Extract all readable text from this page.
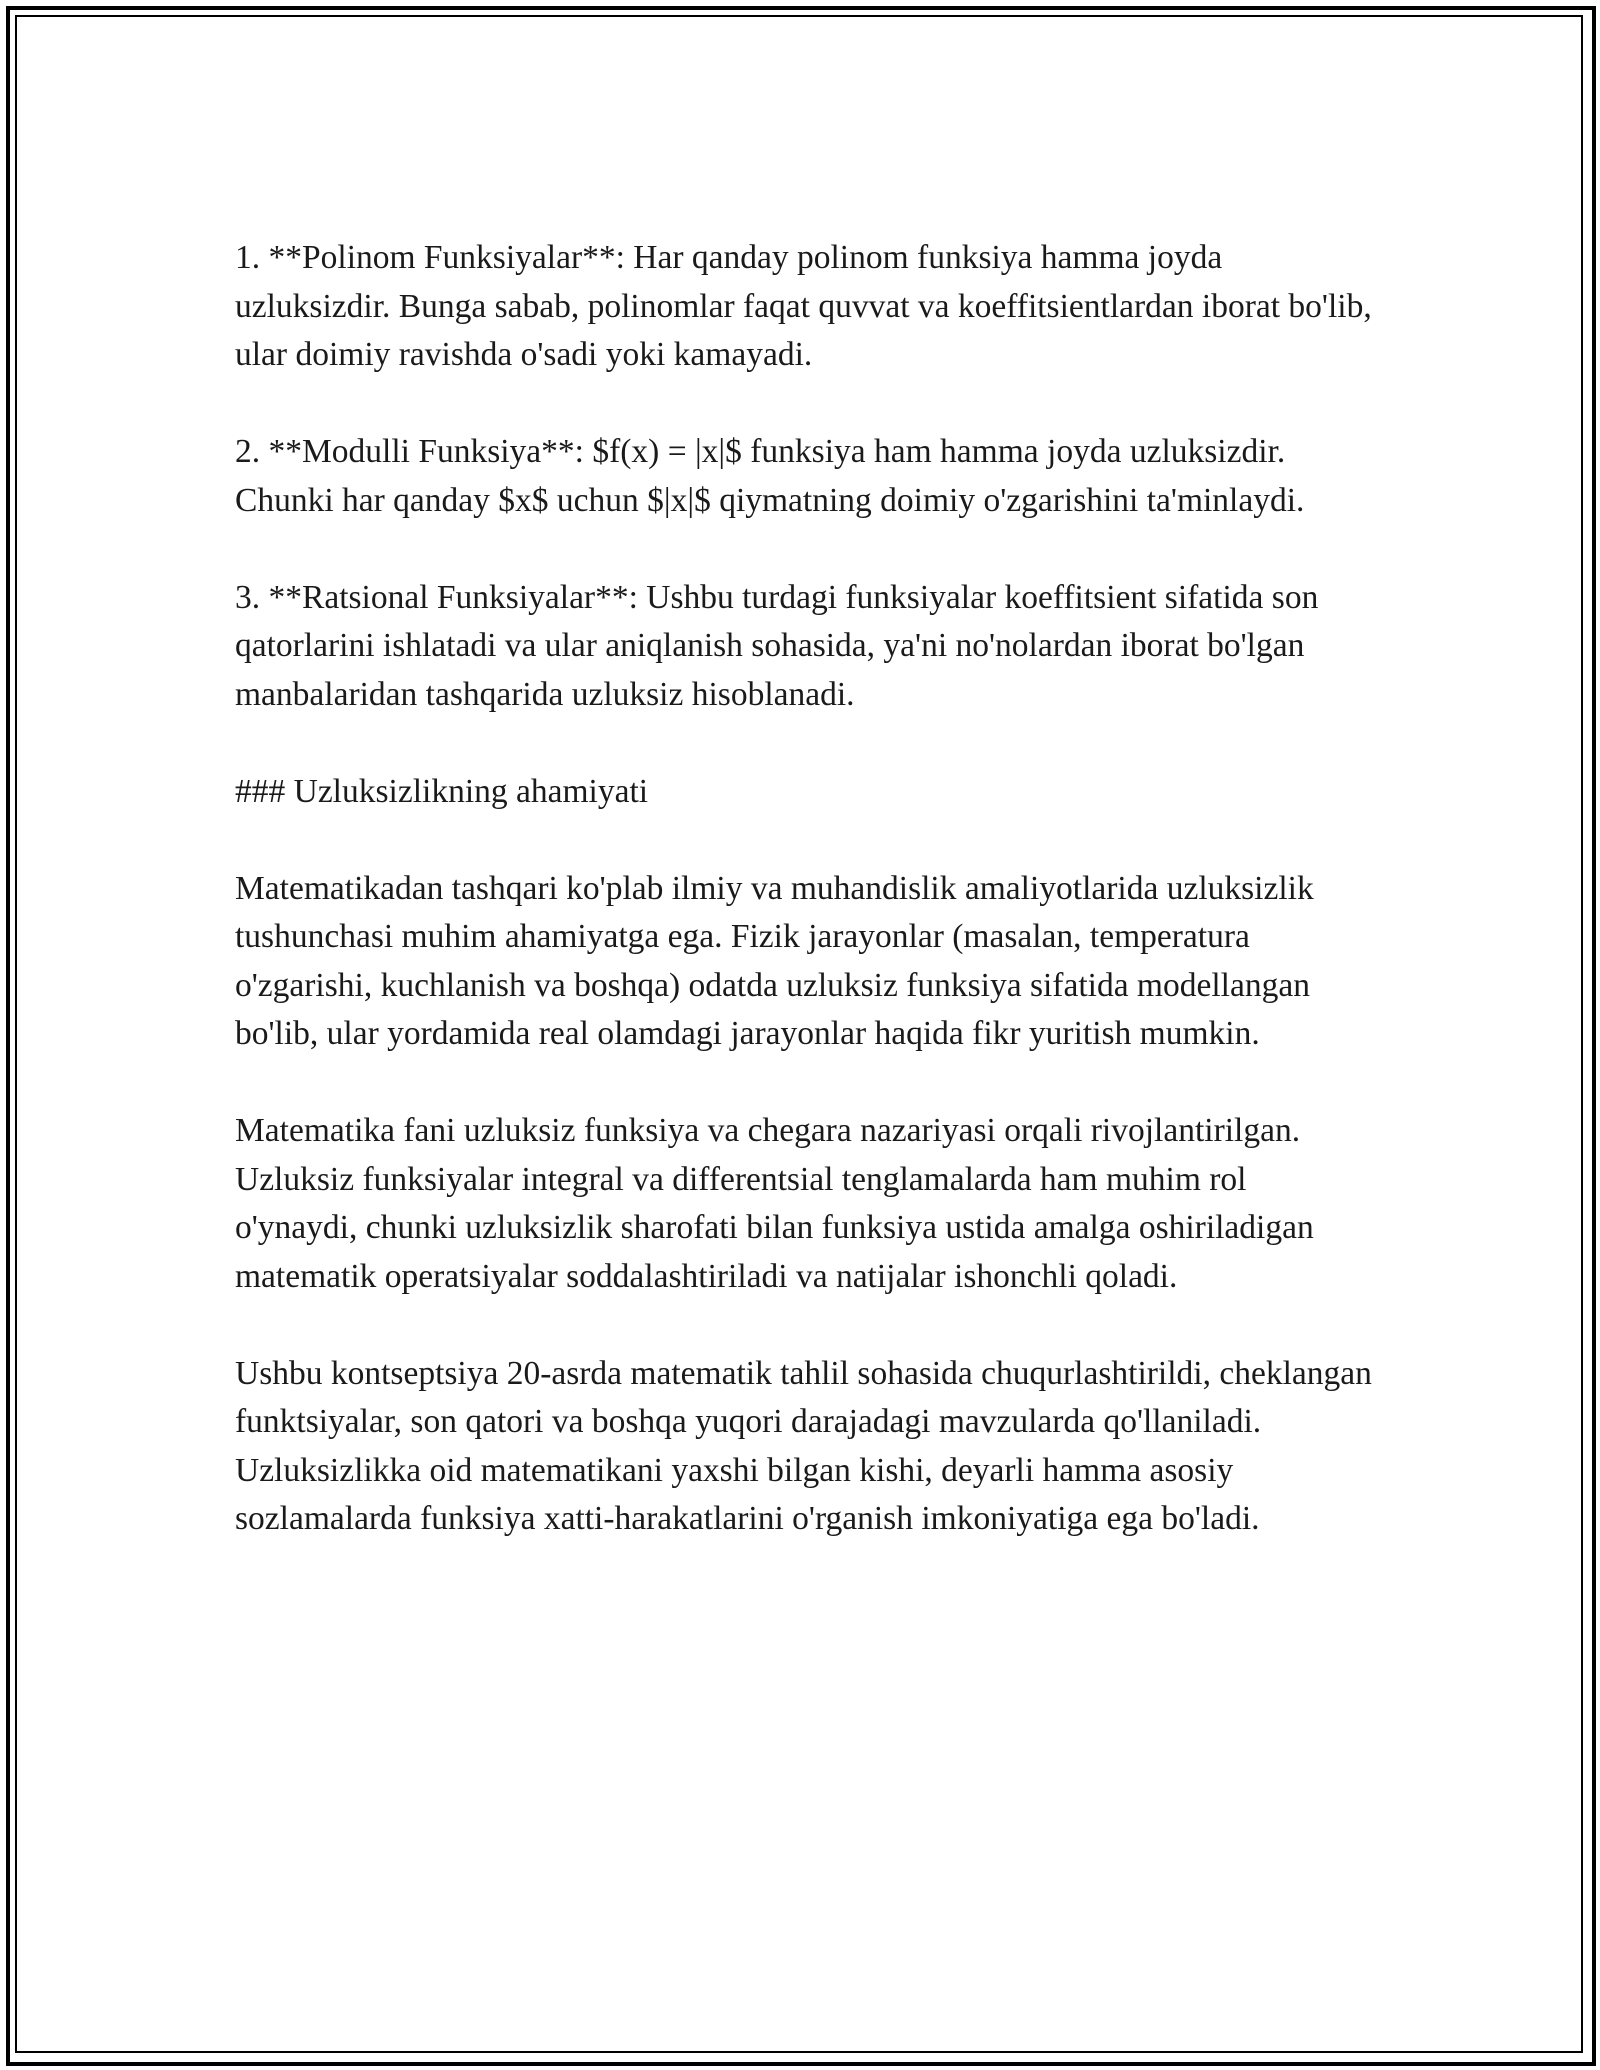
1. **Polinom Funksiyalar**: Har qanday polinom funksiya hamma joyda uzluksizdir. Bunga sabab, polinomlar faqat quvvat va koeffitsientlardan iborat bo'lib, ular doimiy ravishda o'sadi yoki kamayadi.

2. **Modulli Funksiya**: $f(x) = |x|$ funksiya ham hamma joyda uzluksizdir. Chunki har qanday $x$ uchun $|x|$ qiymatning doimiy o'zgarishini ta'minlaydi.

3. **Ratsional Funksiyalar**: Ushbu turdagi funksiyalar koeffitsient sifatida son qatorlarini ishlatadi va ular aniqlanish sohasida, ya'ni no'nolardan iborat bo'lgan manbalaridan tashqarida uzluksiz hisoblanadi.

### Uzluksizlikning ahamiyati

Matematikadan tashqari ko'plab ilmiy va muhandislik amaliyotlarida uzluksizlik tushunchasi muhim ahamiyatga ega. Fizik jarayonlar (masalan, temperatura o'zgarishi, kuchlanish va boshqa) odatda uzluksiz funksiya sifatida modellangan bo'lib, ular yordamida real olamdagi jarayonlar haqida fikr yuritish mumkin.

Matematika fani uzluksiz funksiya va chegara nazariyasi orqali rivojlantirilgan. Uzluksiz funksiyalar integral va differentsial tenglamalarda ham muhim rol o'ynaydi, chunki uzluksizlik sharofati bilan funksiya ustida amalga oshiriladigan matematik operatsiyalar soddalashtiriladi va natijalar ishonchli qoladi.

Ushbu kontseptsiya 20-asrda matematik tahlil sohasida chuqurlashtirildi, cheklangan funktsiyalar, son qatori va boshqa yuqori darajadagi mavzularda qo'llaniladi. Uzluksizlikka oid matematikani yaxshi bilgan kishi, deyarli hamma asosiy sozlamalarda funksiya xatti-harakatlarini o'rganish imkoniyatiga ega bo'ladi.
